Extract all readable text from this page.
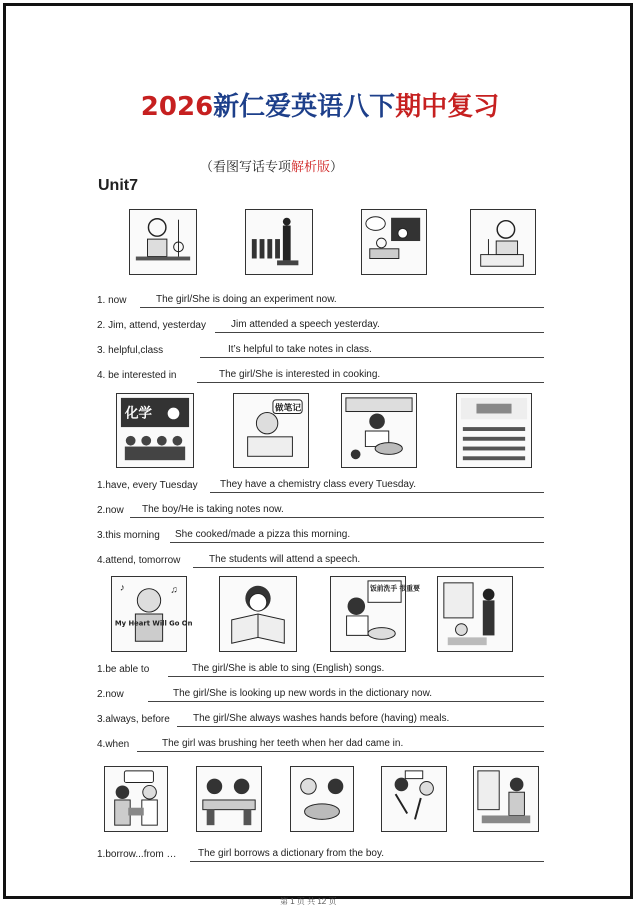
2026新仁爱英语八下期中复习
（看图写话专项解析版）
Unit7
1. now	The girl/She is doing an experiment now.
2. Jim, attend, yesterday	Jim attended a speech yesterday.
3. helpful,class	It’s helpful to take notes in class.
4. be interested in	The girl/She is interested in cooking.
化学	做笔记
1.have, every Tuesday	They have a chemistry class every Tuesday.
2.now	The boy/He is taking notes now.
3.this morning	She cooked/made a pizza this morning.
4.attend, tomorrow	The students will attend a speech.
My Heart Will Go On
♪	♫	饭前洗手 很重要
1.be able to	The girl/She is able to sing (English) songs.
2.now	The girl/She is looking up new words in the dictionary now.
3.always, before	The girl/She always washes hands before (having) meals.
4.when	The girl was brushing her teeth when her dad came in.
1.borrow...from …	The girl borrows a dictionary from the boy.
第 1 页 共 12 页
